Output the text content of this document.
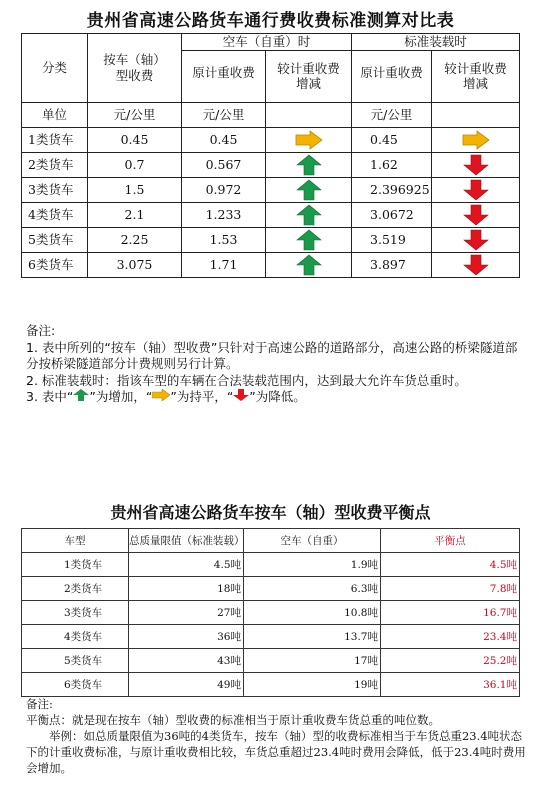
贵州省高速公路货车通行费收费标准测算对比表
分类	按车（轴）型收费	空车（自重）时		标准装载时	
		原计重收费	较计重收费增减	原计重收费	较计重收费增减
单位	元/公里	元/公里		元/公里	
1类货车	0.45	0.45		0.45	

2类货车	0.7	0.567		1.62	

3类货车	1.5	0.972		2.396925	

4类货车	2.1	1.233		3.0672	

5类货车	2.25	1.53		3.519	

6类货车	3.075	1.71		3.897	

备注:

1. 表中所列的“按车（轴）型收费”只针对于高速公路的道路部分，高速公路的桥梁隧道部分按桥梁隧道部分计费规则另行计算。

2. 标准装载时：指该车型的车辆在合法装载范围内，达到最大允许车货总重时。

3. 表中“ ”为增加，“ ”为持平，“ ”为降低。

贵州省高速公路货车按车（轴）型收费平衡点
车型	总质量限值（标准装载）	空车（自重）	平衡点
1类货车	4.5吨	1.9吨	4.5吨
2类货车	18吨	6.3吨	7.8吨
3类货车	27吨	10.8吨	16.7吨
4类货车	36吨	13.7吨	23.4吨
5类货车	43吨	17吨	25.2吨
6类货车	49吨	19吨	36.1吨

备注:

平衡点：就是现在按车（轴）型收费的标准相当于原计重收费车货总重的吨位数。

举例：如总质量限值为36吨的4类货车，按车（轴）型的收费标准相当于车货总重23.4吨状态下的计重收费标准，与原计重收费相比较，车货总重超过23.4吨时费用会降低，低于23.4吨时费用会增加。
